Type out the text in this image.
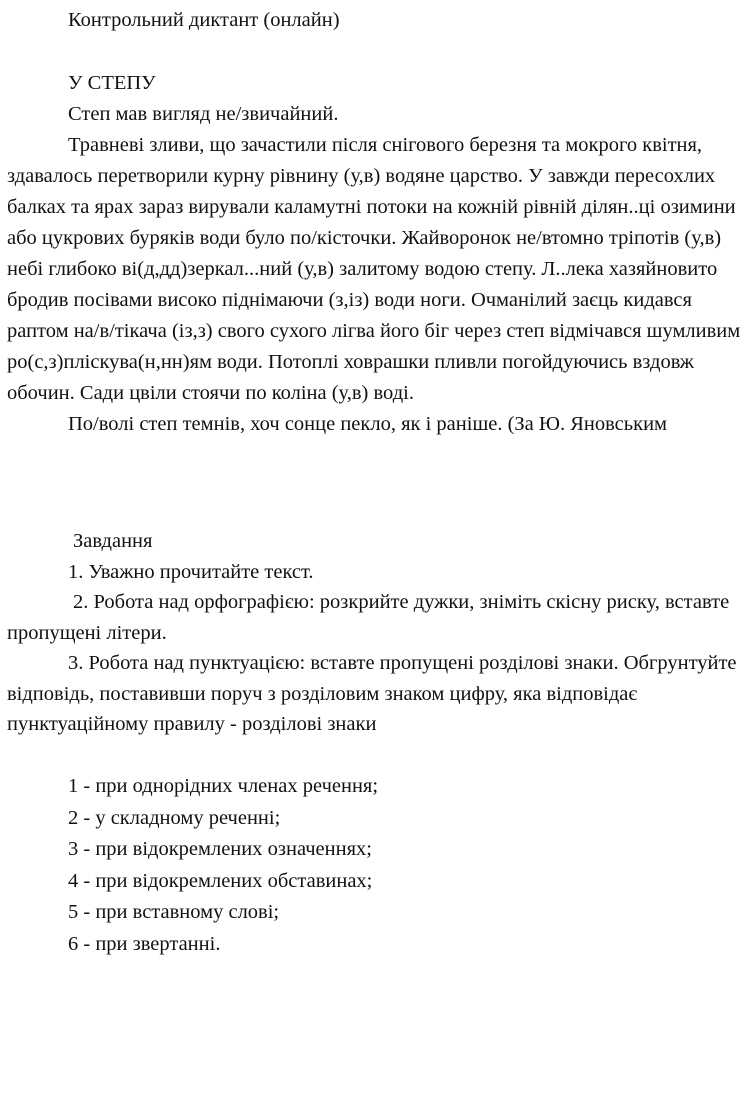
Контрольний диктант (онлайн)
У СТЕПУ
Степ мав вигляд не/звичайний.
Травневі зливи, що зачастили після снігового березня та мокрого квітня, здавалось перетворили курну рівнину (у,в) водяне царство. У завжди пересохлих балках та ярах зараз вирували каламутні потоки на кожній рівній ділян..ці озимини або цукрових буряків води було по/кісточки. Жайворонок не/втомно тріпотів (у,в) небі глибоко ві(д,дд)зеркал...ний (у,в) залитому водою степу. Л..лека хазяйновито бродив посівами високо піднімаючи (з,із) води ноги. Очманілий заєць кидався раптом на/в/тікача (із,з) свого сухого лігва його біг через степ відмічався шумливим ро(с,з)пліскува(н,нн)ям води. Потоплі ховрашки пливли погойдуючись вздовж обочин. Сади цвіли стоячи по коліна (у,в) воді.
По/волі степ темнів, хоч сонце пекло, як і раніше. (За Ю. Яновським
Завдання
1. Уважно прочитайте текст.
2. Робота над орфографією: розкрийте дужки, зніміть скісну риску, вставте пропущені літери.
3. Робота над пунктуацією: вставте пропущені розділові знаки. Обгрунтуйте відповідь, поставивши поруч з розділовим знаком цифру, яка відповідає пунктуаційному правилу - розділові знаки
1 - при однорідних членах речення;
2 - у складному реченні;
3 - при відокремлених означеннях;
4 - при відокремлених обставинах;
5 - при вставному слові;
6 - при звертанні.
